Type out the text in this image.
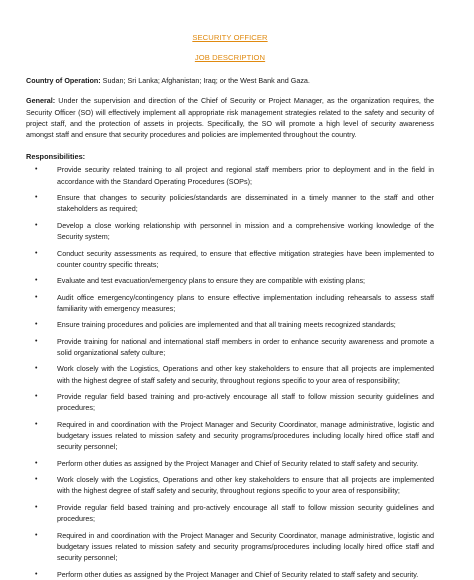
SECURITY OFFICER
JOB DESCRIPTION

Country of Operation: Sudan; Sri Lanka; Afghanistan; Iraq; or the West Bank and Gaza.

General: Under the supervision and direction of the Chief of Security or Project Manager, as the organization requires, the Security Officer (SO) will effectively implement all appropriate risk management strategies related to the safety and security of project staff, and the protection of assets in projects. Specifically, the SO will promote a high level of security awareness amongst staff and ensure that security procedures and policies are implemented throughout the country.

Responsibilities:
•	Provide security related training to all project and regional staff members prior to deployment and in the field in accordance with the Standard Operating Procedures (SOPs);
•	Ensure that changes to security policies/standards are disseminated in a timely manner to the staff and other stakeholders as required;
•	Develop a close working relationship with personnel in mission and a comprehensive working knowledge of the Security system;
•	Conduct security assessments as required, to ensure that effective mitigation strategies have been implemented to counter country specific threats;
•	Evaluate and test evacuation/emergency plans to ensure they are compatible with existing plans;
•	Audit office emergency/contingency plans to ensure effective implementation including rehearsals to assess staff familiarity with emergency measures;
•	Ensure training procedures and policies are implemented and that all training meets recognized standards;
•	Provide training for national and international staff members in order to enhance security awareness and promote a solid organizational safety culture;
•	Work closely with the Logistics, Operations and other key stakeholders to ensure that all projects are implemented with the highest degree of staff safety and security, throughout regions specific to your area of responsibility;
•	Provide regular field based training and pro-actively encourage all staff to follow mission security guidelines and procedures;
•	Required in and coordination with the Project Manager and Security Coordinator, manage administrative, logistic and budgetary issues related to mission safety and security programs/procedures including locally hired office staff and security personnel;
•	Perform other duties as assigned by the Project Manager and Chief of Security related to staff safety and security.
•	Work closely with the Logistics, Operations and other key stakeholders to ensure that all projects are implemented with the highest degree of staff safety and security, throughout regions specific to your area of responsibility;
•	Provide regular field based training and pro-actively encourage all staff to follow mission security guidelines and procedures;
•	Required in and coordination with the Project Manager and Security Coordinator, manage administrative, logistic and budgetary issues related to mission safety and security programs/procedures including locally hired office staff and security personnel;
•	Perform other duties as assigned by the Project Manager and Chief of Security related to staff safety and security.
